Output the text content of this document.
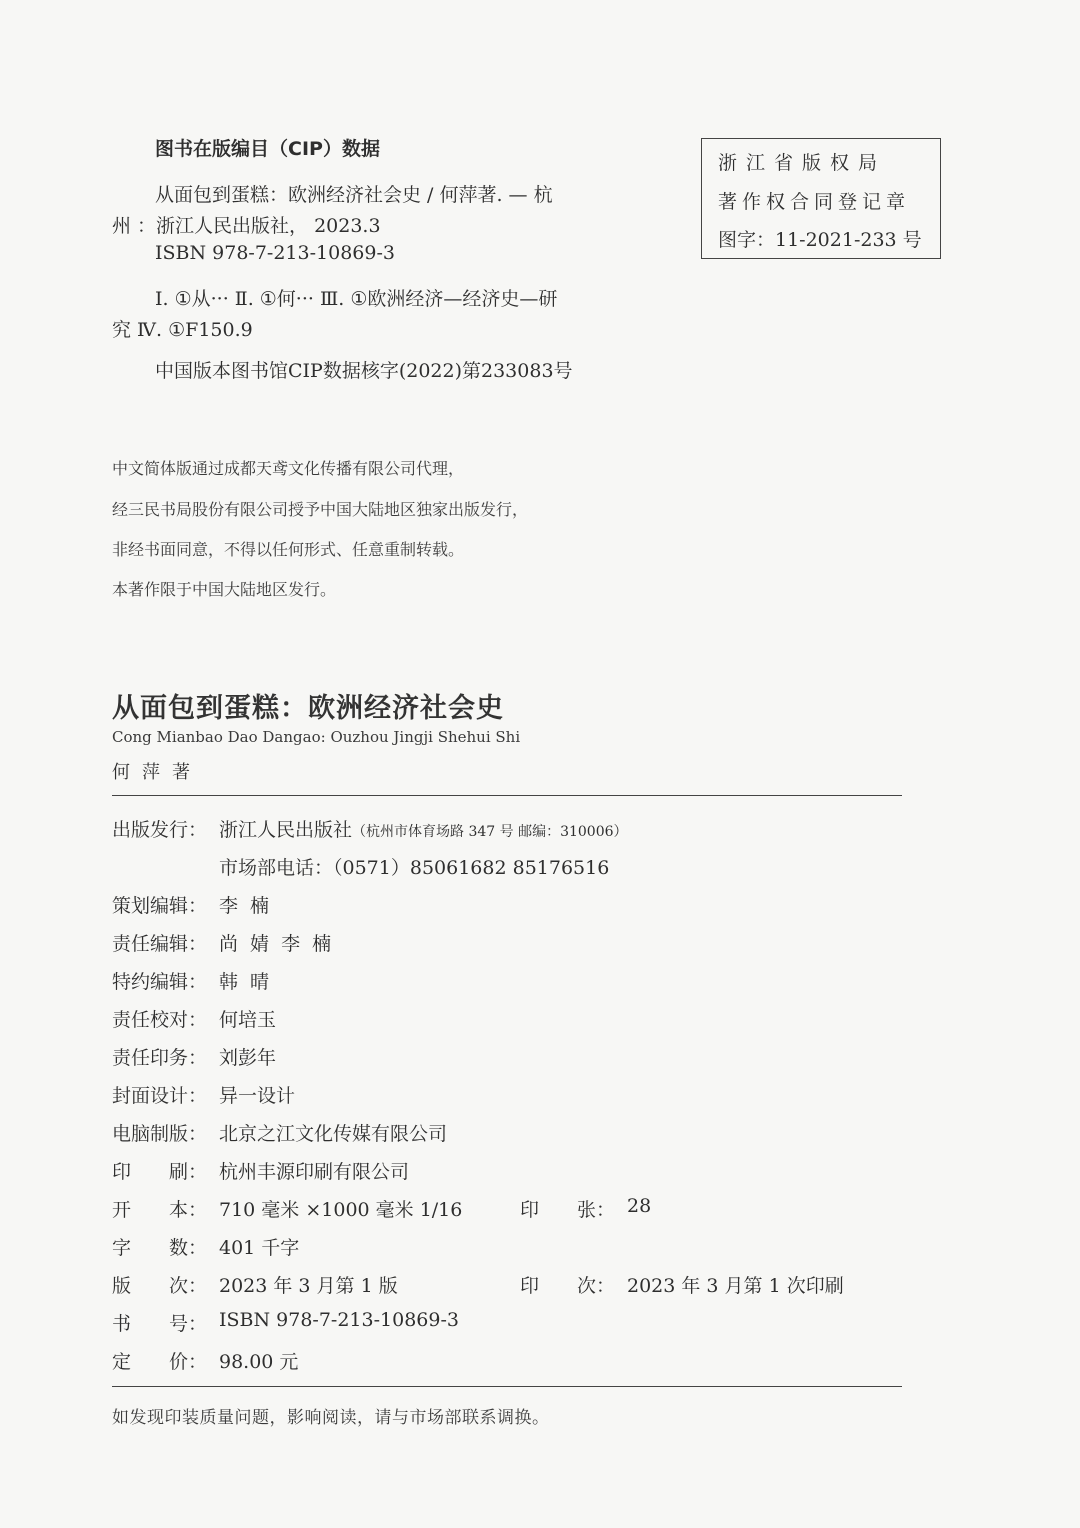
图书在版编目（CIP）数据
从面包到蛋糕：欧洲经济社会史 / 何萍著. — 杭
州 ：浙江人民出版社， 2023.3
ISBN 978-7-213-10869-3
Ⅰ. ①从··· Ⅱ. ①何··· Ⅲ. ①欧洲经济—经济史—研
究 Ⅳ. ①F150.9
中国版本图书馆CIP数据核字(2022)第233083号
浙江省版权局
著作权合同登记章
图字：11-2021-233 号
中文简体版通过成都天鸢文化传播有限公司代理，
经三民书局股份有限公司授予中国大陆地区独家出版发行，
非经书面同意，不得以任何形式、任意重制转载。
本著作限于中国大陆地区发行。
从面包到蛋糕：欧洲经济社会史
Cong Mianbao Dao Dangao: Ouzhou Jingji Shehui Shi
何萍著
出版发行： 浙江人民出版社（杭州市体育场路 347 号 邮编：310006）
市场部电话：（0571）85061682 85176516
策划编辑： 李 楠
责任编辑： 尚 婧 李 楠
特约编辑： 韩 晴
责任校对： 何培玉
责任印务： 刘彭年
封面设计： 异一设计
电脑制版： 北京之江文化传媒有限公司
印 刷： 杭州丰源印刷有限公司
开 本： 710 毫米 ×1000 毫米 1/16	印 张： 28
字 数： 401 千字
版 次： 2023 年 3 月第 1 版	印 次： 2023 年 3 月第 1 次印刷
书 号： ISBN 978-7-213-10869-3
定 价： 98.00 元
如发现印装质量问题，影响阅读，请与市场部联系调换。
